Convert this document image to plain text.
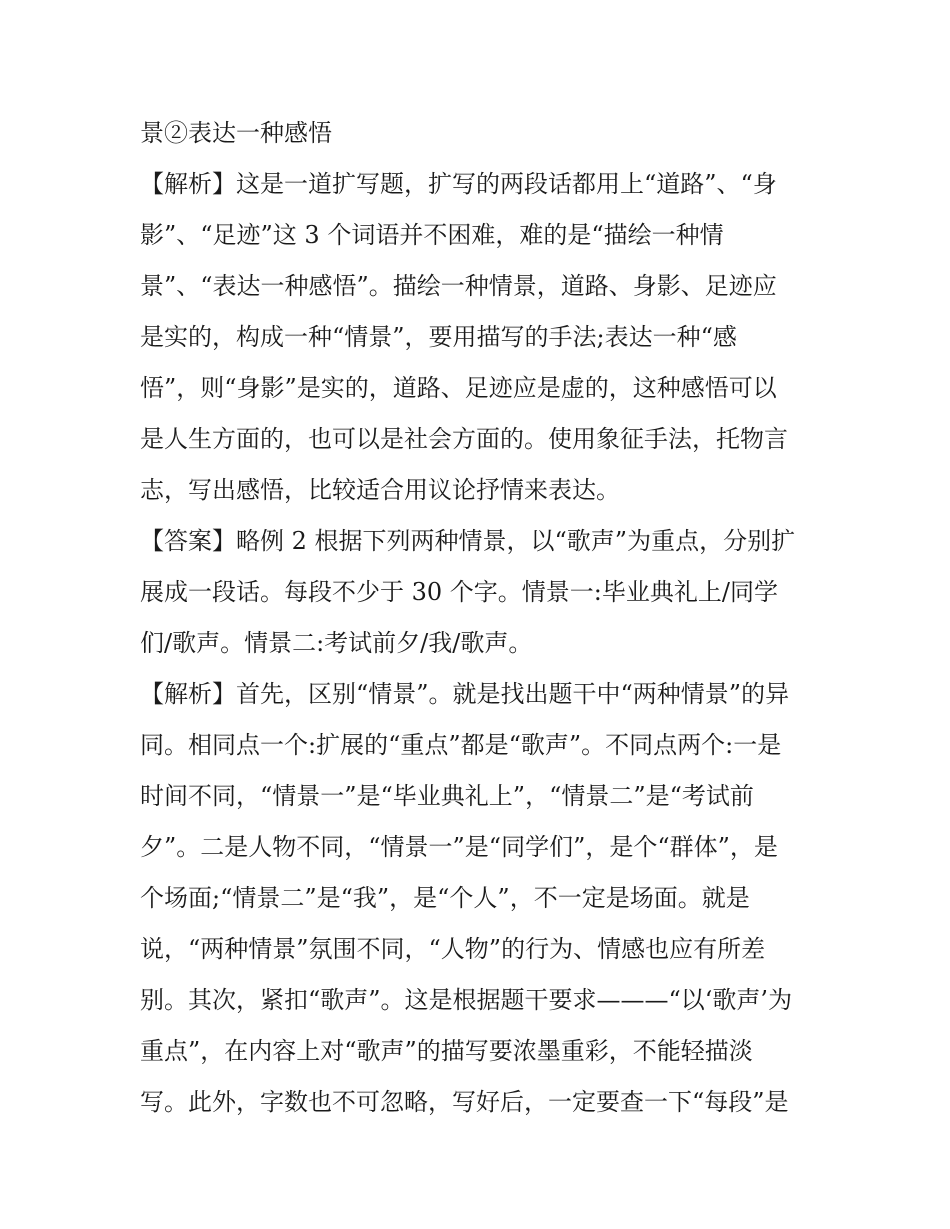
景②表达一种感悟
【解析】这是一道扩写题，扩写的两段话都用上“道路”、“身
影”、“足迹”这 3 个词语并不困难，难的是“描绘一种情
景”、“表达一种感悟”。描绘一种情景，道路、身影、足迹应
是实的，构成一种“情景”，要用描写的手法;表达一种“感
悟”，则“身影”是实的，道路、足迹应是虚的，这种感悟可以
是人生方面的，也可以是社会方面的。使用象征手法，托物言
志，写出感悟，比较适合用议论抒情来表达。
【答案】略例 2 根据下列两种情景，以“歌声”为重点，分别扩
展成一段话。每段不少于 30 个字。情景一:毕业典礼上/同学
们/歌声。情景二:考试前夕/我/歌声。
【解析】首先，区别“情景”。就是找出题干中“两种情景”的异
同。相同点一个:扩展的“重点”都是“歌声”。不同点两个:一是
时间不同，“情景一”是“毕业典礼上”，“情景二”是“考试前
夕”。二是人物不同，“情景一”是“同学们”，是个“群体”，是
个场面;“情景二”是“我”，是“个人”，不一定是场面。就是
说，“两种情景”氛围不同，“人物”的行为、情感也应有所差
别。其次，紧扣“歌声”。这是根据题干要求———“以‘歌声’为
重点”，在内容上对“歌声”的描写要浓墨重彩，不能轻描淡
写。此外，字数也不可忽略，写好后，一定要查一下“每段”是
